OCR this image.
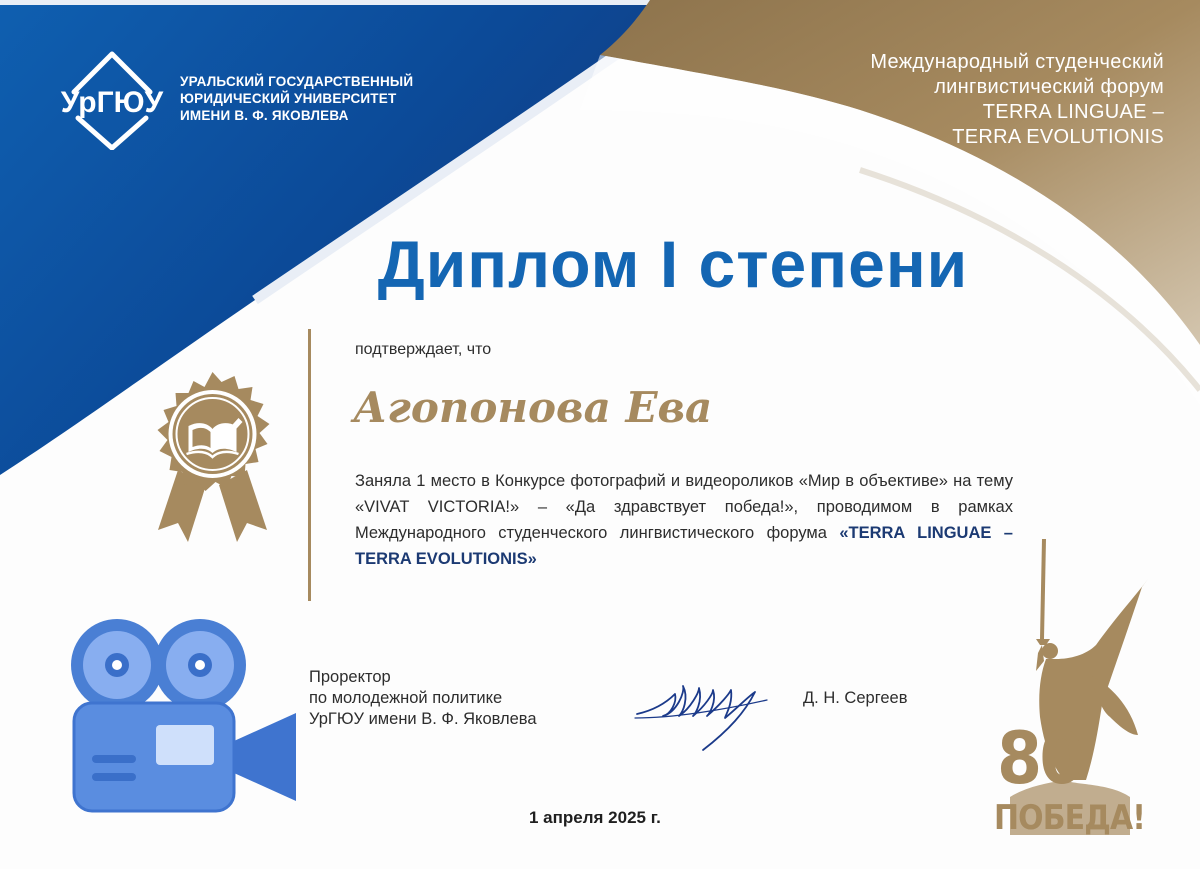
УрГЮУ
УРАЛЬСКИЙ ГОСУДАРСТВЕННЫЙ
ЮРИДИЧЕСКИЙ УНИВЕРСИТЕТ
ИМЕНИ В. Ф. ЯКОВЛЕВА
Международный студенческий
лингвистический форум
TERRA LINGUAE –
TERRA EVOLUTIONIS
Диплом I степени
подтверждает, что
Агопонова Ева
Заняла 1 место в Конкурсе фотографий и видеороликов «Мир в объективе» на тему «VIVAT VICTORIA!» – «Да здравствует победа!», проводимом в рамках Международного студенческого лингвистического форума «TERRA LINGUAE – TERRA EVOLUTIONIS»
Проректор
по молодежной политике
УрГЮУ имени В. Ф. Яковлева
Д. Н. Сергеев
1 апреля 2025 г.
80
ПОБЕДА!
